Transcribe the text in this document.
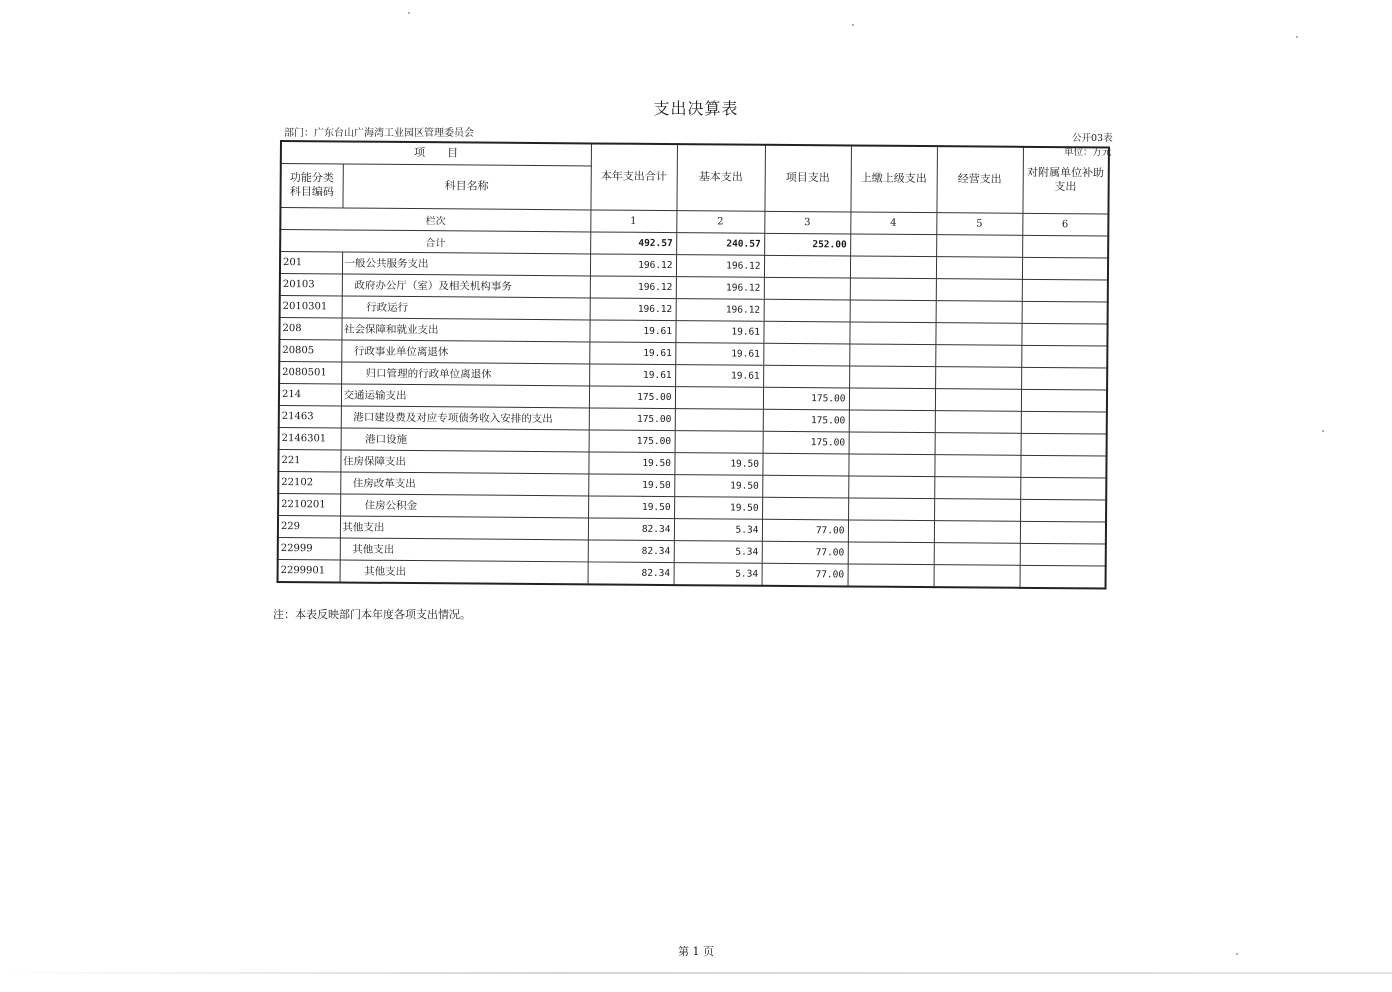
支出决算表
部门：广东台山广海湾工业园区管理委员会	公开03表
单位：万元
项　　目		本年支出合计	基本支出	项目支出	上缴上级支出	经营支出	对附属单位补助支出
功能分类科目编码	科目名称						
栏次		1	2	3	4	5	6
合计		492.57	240.57	252.00			
201	一般公共服务支出	196.12	196.12				
20103	政府办公厅（室）及相关机构事务	196.12	196.12				
2010301	行政运行	196.12	196.12				
208	社会保障和就业支出	19.61	19.61				
20805	行政事业单位离退休	19.61	19.61				
2080501	归口管理的行政单位离退休	19.61	19.61				
214	交通运输支出	175.00		175.00			
21463	港口建设费及对应专项债务收入安排的支出	175.00		175.00			
2146301	港口设施	175.00		175.00			
221	住房保障支出	19.50	19.50				
22102	住房改革支出	19.50	19.50				
2210201	住房公积金	19.50	19.50				
229	其他支出	82.34	5.34	77.00			
22999	其他支出	82.34	5.34	77.00			
2299901	其他支出	82.34	5.34	77.00			
注：本表反映部门本年度各项支出情况。
第 1 页
